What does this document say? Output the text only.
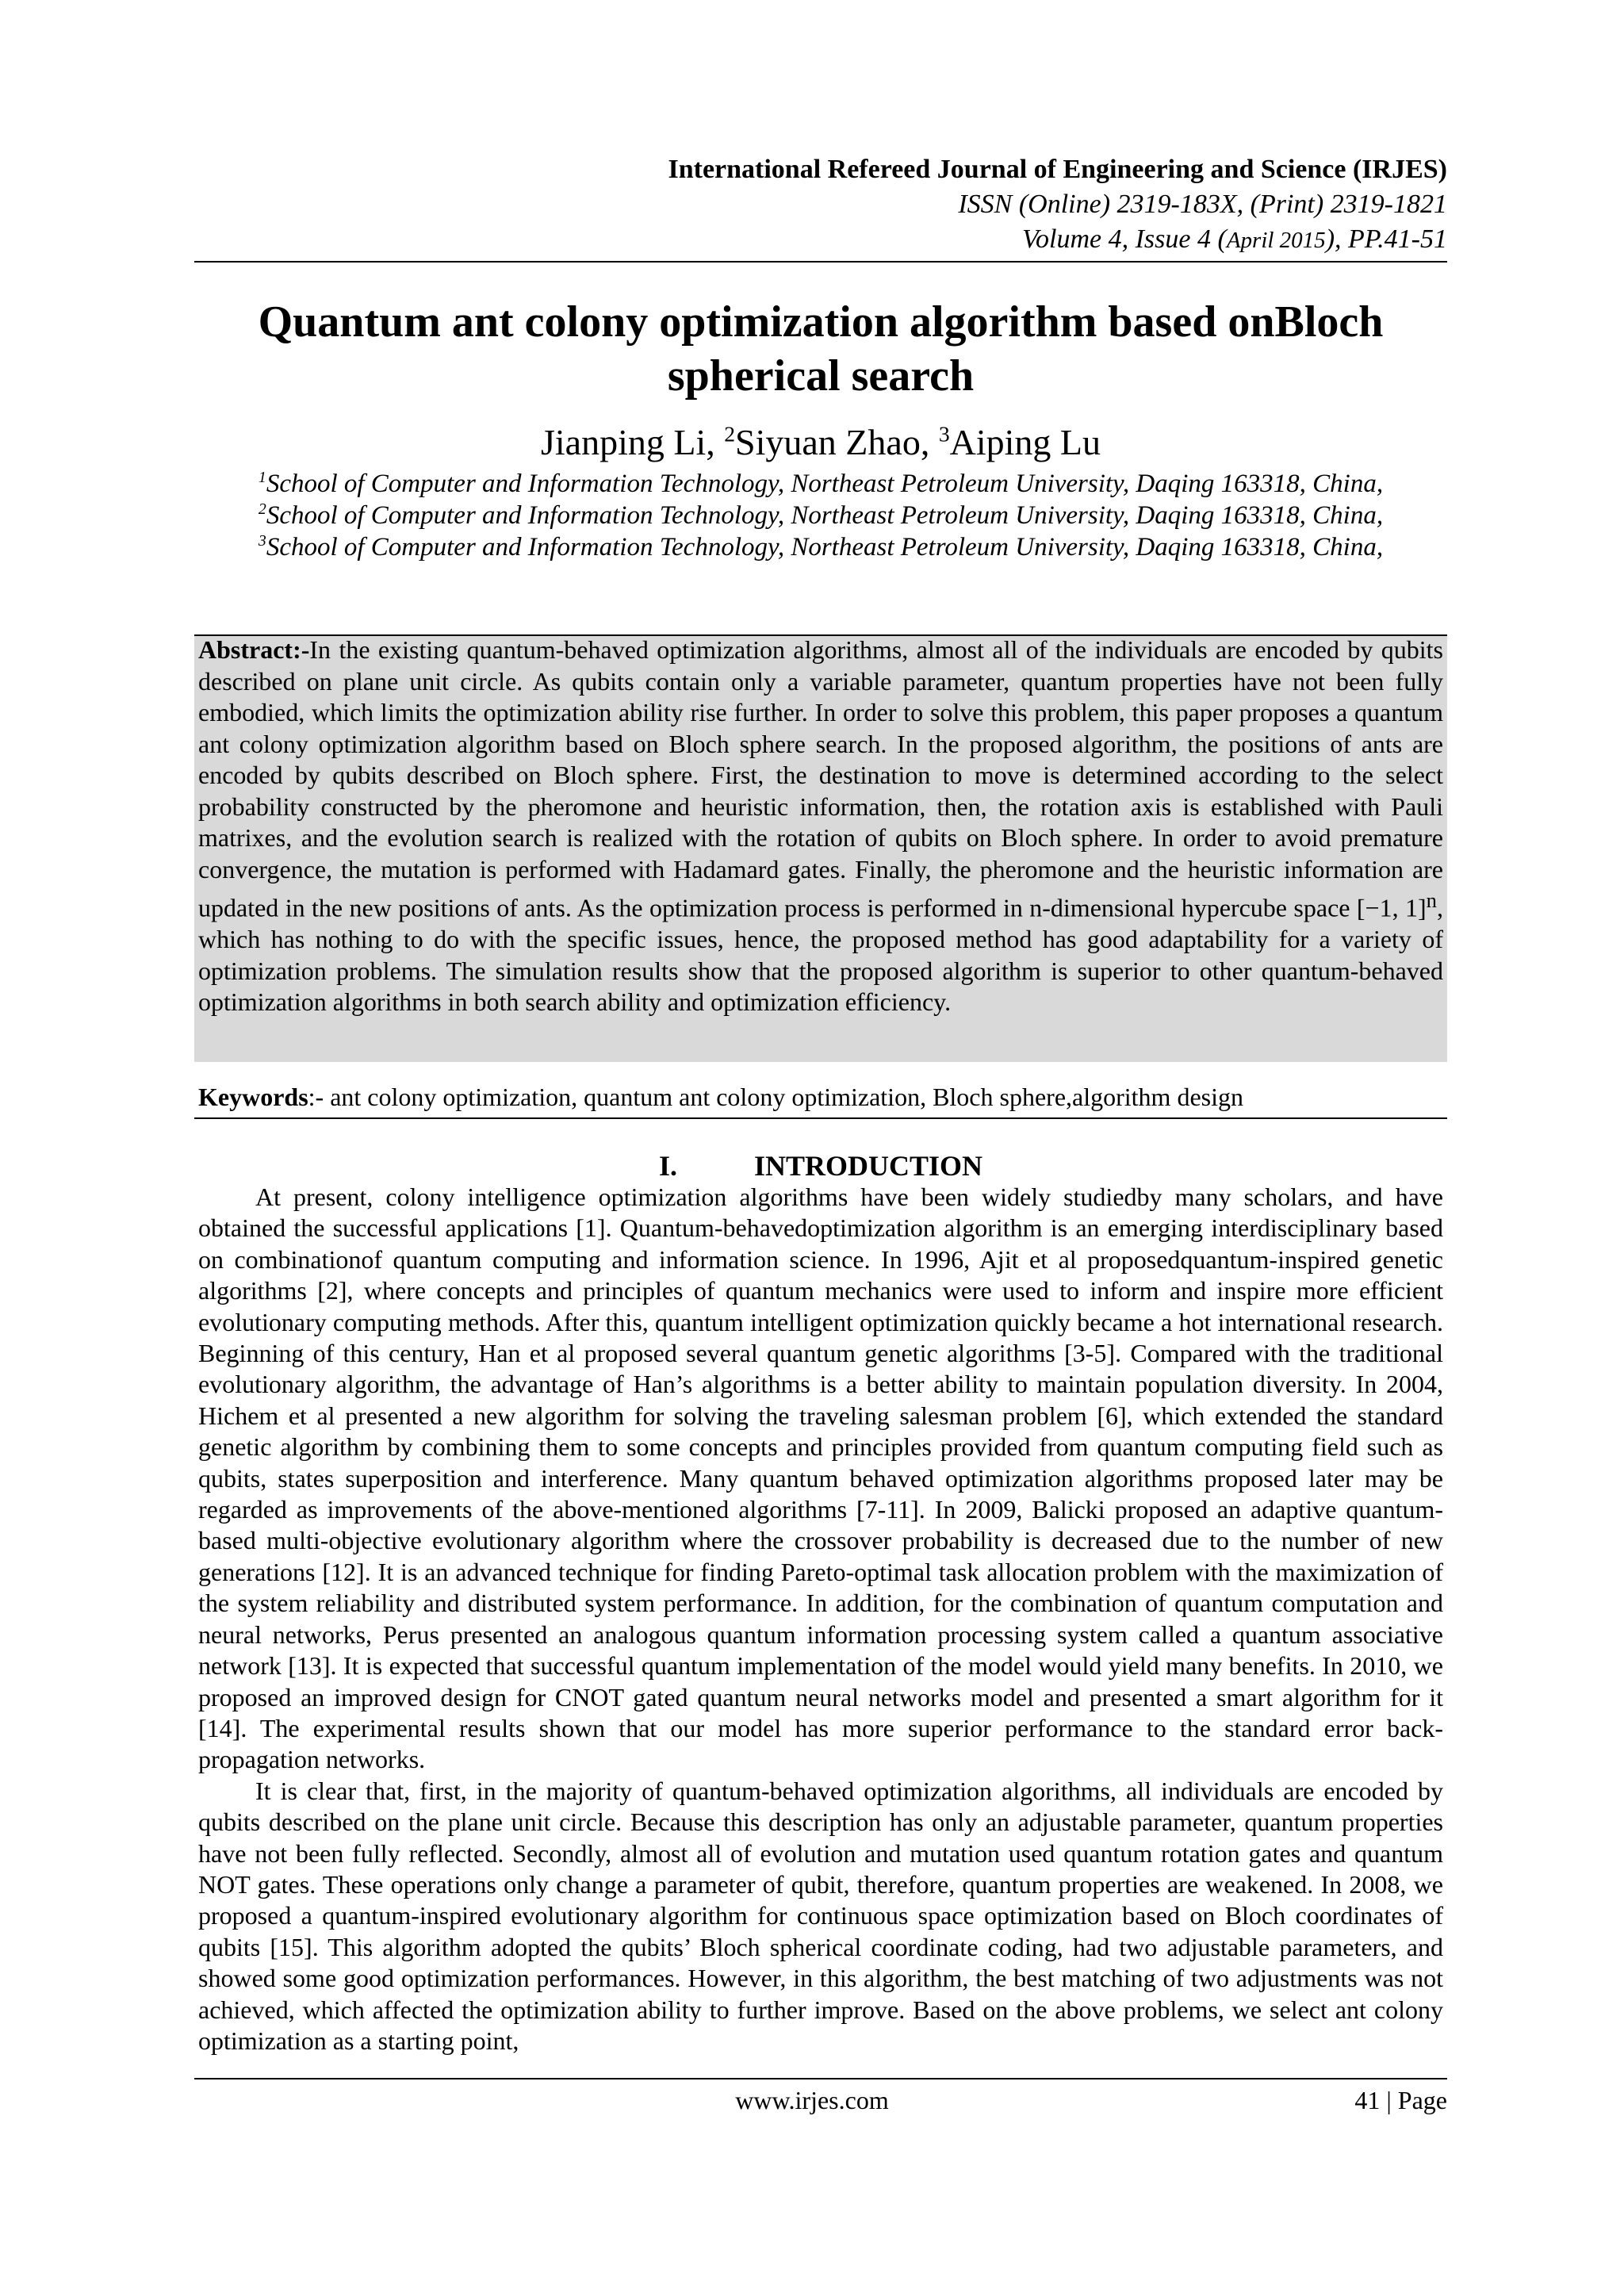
International Refereed Journal of Engineering and Science (IRJES)
ISSN (Online) 2319-183X, (Print) 2319-1821
Volume 4, Issue 4 (April 2015), PP.41-51
Quantum ant colony optimization algorithm based onBloch
spherical search
Jianping Li, $^2$Siyuan Zhao, $^3$Aiping Lu
$^1$School of Computer and Information Technology, Northeast Petroleum University, Daqing 163318, China,
$^2$School of Computer and Information Technology, Northeast Petroleum University, Daqing 163318, China,
$^3$School of Computer and Information Technology, Northeast Petroleum University, Daqing 163318, China,
Abstract:-In the existing quantum-behaved optimization algorithms, almost all of the individuals are encoded by qubits described on plane unit circle. As qubits contain only a variable parameter, quantum properties have not been fully embodied, which limits the optimization ability rise further. In order to solve this problem, this paper proposes a quantum ant colony optimization algorithm based on Bloch sphere search. In the proposed algorithm, the positions of ants are encoded by qubits described on Bloch sphere. First, the destination to move is determined according to the select probability constructed by the pheromone and heuristic information, then, the rotation axis is established with Pauli matrixes, and the evolution search is realized with the rotation of qubits on Bloch sphere. In order to avoid premature convergence, the mutation is performed with Hadamard gates. Finally, the pheromone and the heuristic information are updated in the new positions of ants. As the optimization process is performed in n-dimensional hypercube space [−1, 1]$^n$, which has nothing to do with the specific issues, hence, the proposed method has good adaptability for a variety of optimization problems. The simulation results show that the proposed algorithm is superior to other quantum-behaved optimization algorithms in both search ability and optimization efficiency.
Keywords:- ant colony optimization, quantum ant colony optimization, Bloch sphere,algorithm design
I.	INTRODUCTION

At present, colony intelligence optimization algorithms have been widely studiedby many scholars, and have obtained the successful applications [1]. Quantum-behavedoptimization algorithm is an emerging interdisciplinary based on combinationof quantum computing and information science. In 1996, Ajit et al proposedquantum-inspired genetic algorithms [2], where concepts and principles of quantum mechanics were used to inform and inspire more efficient evolutionary computing methods. After this, quantum intelligent optimization quickly became a hot international research. Beginning of this century, Han et al proposed several quantum genetic algorithms [3-5]. Compared with the traditional evolutionary algorithm, the advantage of Han’s algorithms is a better ability to maintain population diversity. In 2004, Hichem et al presented a new algorithm for solving the traveling salesman problem [6], which extended the standard genetic algorithm by combining them to some concepts and principles provided from quantum computing field such as qubits, states superposition and interference. Many quantum behaved optimization algorithms proposed later may be regarded as improvements of the above-mentioned algorithms [7-11]. In 2009, Balicki proposed an adaptive quantum-based multi-objective evolutionary algorithm where the crossover probability is decreased due to the number of new generations [12]. It is an advanced technique for finding Pareto-optimal task allocation problem with the maximization of the system reliability and distributed system performance. In addition, for the combination of quantum computation and neural networks, Perus presented an analogous quantum information processing system called a quantum associative network [13]. It is expected that successful quantum implementation of the model would yield many benefits. In 2010, we proposed an improved design for CNOT gated quantum neural networks model and presented a smart algorithm for it [14]. The experimental results shown that our model has more superior performance to the standard error back-propagation networks.

It is clear that, first, in the majority of quantum-behaved optimization algorithms, all individuals are encoded by qubits described on the plane unit circle. Because this description has only an adjustable parameter, quantum properties have not been fully reflected. Secondly, almost all of evolution and mutation used quantum rotation gates and quantum NOT gates. These operations only change a parameter of qubit, therefore, quantum properties are weakened. In 2008, we proposed a quantum-inspired evolutionary algorithm for continuous space optimization based on Bloch coordinates of qubits [15]. This algorithm adopted the qubits’ Bloch spherical coordinate coding, had two adjustable parameters, and showed some good optimization performances. However, in this algorithm, the best matching of two adjustments was not achieved, which affected the optimization ability to further improve. Based on the above problems, we select ant colony optimization as a starting point,

www.irjes.com	41 | Page
